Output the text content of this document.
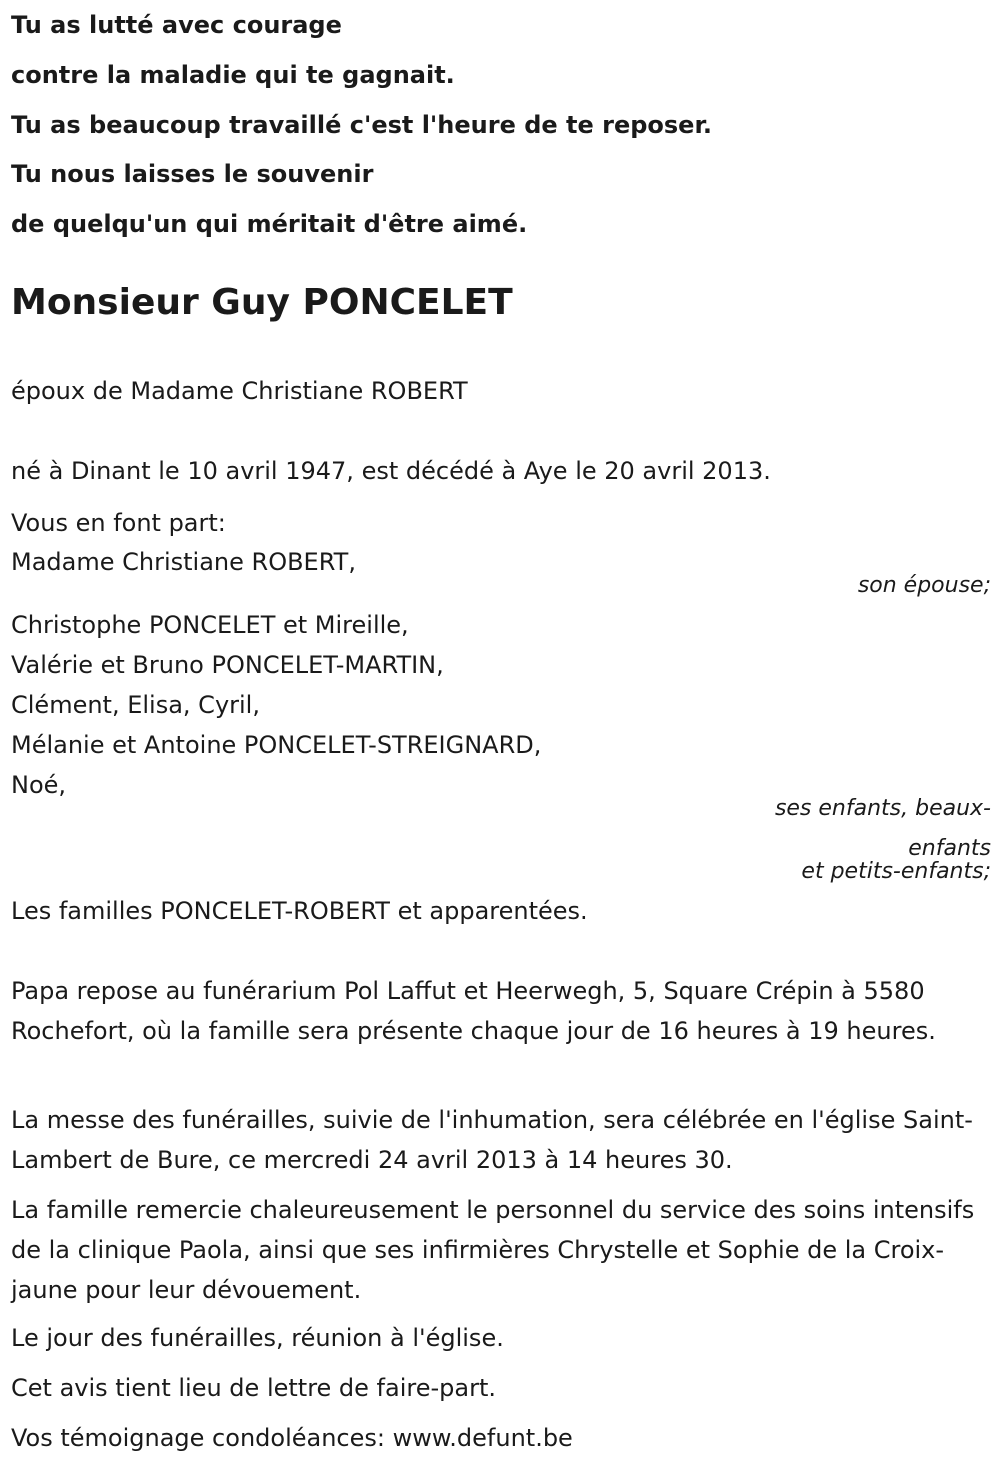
Tu as lutté avec courage
contre la maladie qui te gagnait.
Tu as beaucoup travaillé c'est l'heure de te reposer.
Tu nous laisses le souvenir
de quelqu'un qui méritait d'être aimé.
Monsieur Guy PONCELET
époux de Madame Christiane ROBERT
né à Dinant le 10 avril 1947, est décédé à Aye le 20 avril 2013.
Vous en font part:
Madame Christiane ROBERT,
son épouse;
Christophe PONCELET et Mireille,
Valérie et Bruno PONCELET-MARTIN,
Clément, Elisa, Cyril,
Mélanie et Antoine PONCELET-STREIGNARD,
Noé,
ses enfants, beaux-
enfants
et petits-enfants;
Les familles PONCELET-ROBERT et apparentées.
Papa repose au funérarium Pol Laffut et Heerwegh, 5, Square Crépin à 5580 Rochefort, où la famille sera présente chaque jour de 16 heures à 19 heures.
La messe des funérailles, suivie de l'inhumation, sera célébrée en l'église Saint-Lambert de Bure, ce mercredi 24 avril 2013 à 14 heures 30.
La famille remercie chaleureusement le personnel du service des soins intensifs de la clinique Paola, ainsi que ses infirmières Chrystelle et Sophie de la Croix-jaune pour leur dévouement.
Le jour des funérailles, réunion à l'église.
Cet avis tient lieu de lettre de faire-part.
Vos témoignage condoléances: www.defunt.be
